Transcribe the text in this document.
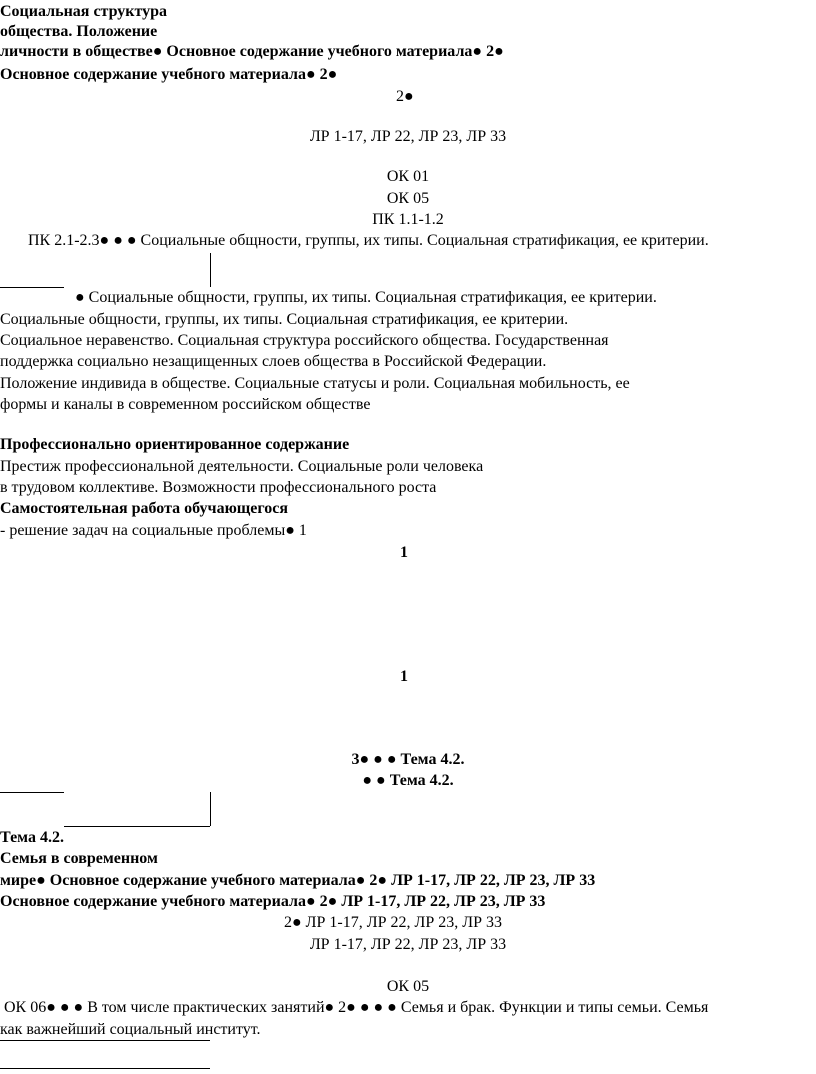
Социальная структура
общества. Положение
личности в обществе● Основное содержание учебного материала● 2●
Основное содержание учебного материала● 2●
2●
ЛР 1-17, ЛР 22, ЛР 23, ЛР 33
ОК 01
ОК 05
ПК 1.1-1.2
ПК 2.1-2.3● ● ● Социальные общности, группы, их типы. Социальная стратификация, ее критерии.
● Социальные общности, группы, их типы. Социальная стратификация, ее критерии.
Социальные общности, группы, их типы. Социальная стратификация, ее критерии.
Социальное неравенство. Социальная структура российского общества. Государственная
поддержка социально незащищенных слоев общества в Российской Федерации.
Положение индивида в обществе. Социальные статусы и роли. Социальная мобильность, ее
формы и каналы в современном российском обществе
Профессионально ориентированное содержание
Престиж профессиональной деятельности. Социальные роли человека
в трудовом коллективе. Возможности профессионального роста
Самостоятельная работа обучающегося
- решение задач на социальные проблемы● 1
1
1
3● ● ● Тема 4.2.
● ● Тема 4.2.
Тема 4.2.
Семья в современном
мире● Основное содержание учебного материала● 2● ЛР 1-17, ЛР 22, ЛР 23, ЛР 33
Основное содержание учебного материала● 2● ЛР 1-17, ЛР 22, ЛР 23, ЛР 33
2● ЛР 1-17, ЛР 22, ЛР 23, ЛР 33
ЛР 1-17, ЛР 22, ЛР 23, ЛР 33
ОК 05
ОК 06● ● ● В том числе практических занятий● 2● ● ● ● Семья и брак. Функции и типы семьи. Семья
как важнейший социальный институт.
